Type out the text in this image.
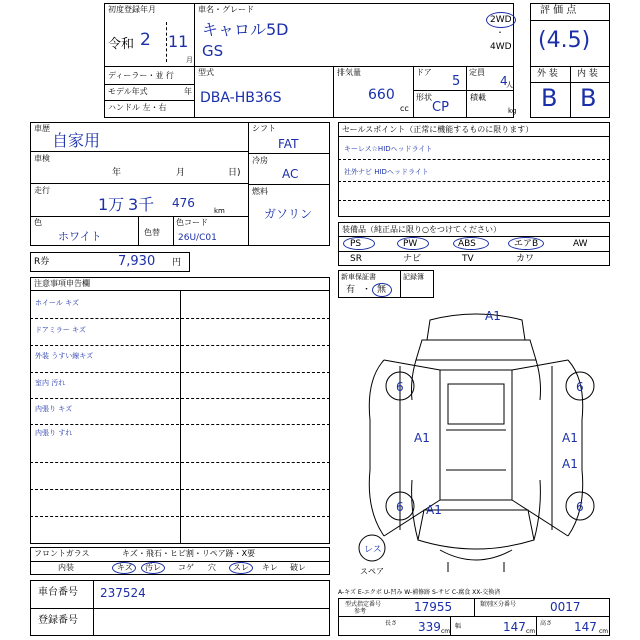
初度登録年月
令和 2 11
月
車名・グレード
キャロル5D
GS
2WD
・
4WD
ディーラー・並 行
モデル年式	年
ハンドル 左・右
型式
DBA-HB36S
排気量
660
cc
ドア
5
定員
4
人
形状
CP
積載
kg
評 価 点
(4.5)
外 装 内 装
B B
車歴
自家用
車検
年	月	日)
走行
1万 3千 476
km
色
ホワイト	色替
色コード
26U/C01
シフト
FAT
冷房
AC
燃料
ガソリン
R券	7,930 円
セールスポイント（正常に機能するものに限ります）
キーレス☆HIDヘッドライト
社外ナビ HIDヘッドライト
装備品（純正品に限り○をつけてください）
PS	PW	ABS	エアB	AW
SR	ナビ	TV	カワ
新車保証書	記録簿
有 ・ 無
注意事項申告欄
ホイール キズ
ドアミラー キズ
外装 うすい線キズ
室内 汚れ
内張り キズ
内張り すれ
フロントガラス	キズ・飛石・ヒビ割・リペア跡・X要
内装	キズ 汚レ コゲ 穴 スレ キレ 破レ
車台番号 237524
登録番号
A1
6	6
A1	A1
A1
6	6
A1
レス
スペア
A-キズ E-エクボ U-凹み W-補修跡 S-サビ C-腐食 XX-交換済
型式指定番号
参考	17955	類別区分番号	0017
長さ 339 cm
幅	147 cm
高さ 147 cm
